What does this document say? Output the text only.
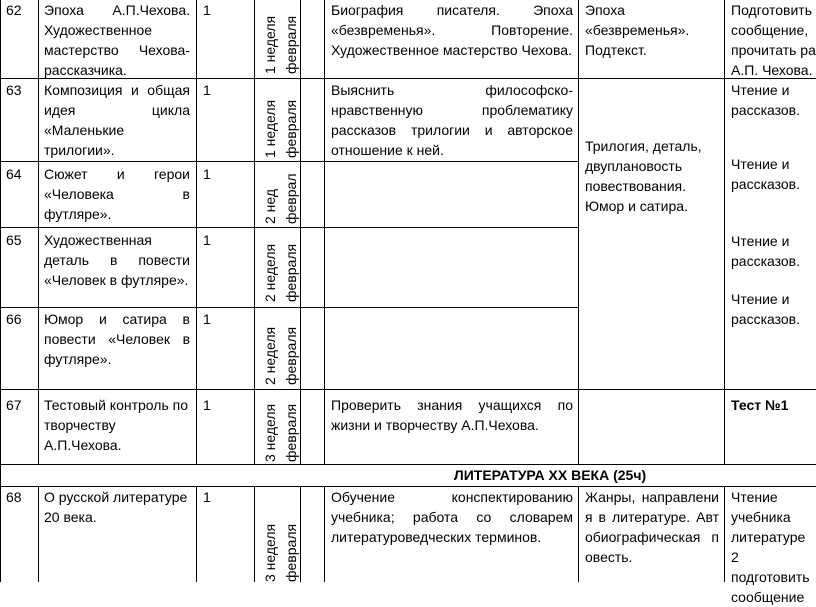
62 Эпоха А.П.Чехова. Художественное мастерство Чехова-рассказчика.
1
1 неделя февраля
Биография писателя. Эпоха «безвременья». Повторение. Художественное мастерство Чехова.
Эпоха «безвременья». Подтекст.
Подготовить сообщение, прочитать ра А.П. Чехова.
63 Композиция и общая идея цикла «Маленькие трилогии».
1
1 неделя февраля
Выяснить философско-нравственную проблематику рассказов трилогии и авторское отношение к ней.
Чтение и рассказов.
Трилогия, деталь, двуплановость повествования. Юмор и сатира.
64 Сюжет и герои «Человека в футляре».
1
2 нед феврал
Чтение и рассказов.
65 Художественная деталь в повести «Человек в футляре».
1
2 неделя февраля
Чтение и рассказов.
66 Юмор и сатира в повести «Человек в футляре».
1
2 неделя февраля
Чтение и рассказов.
67 Тестовый контроль по творчеству А.П.Чехова.
1	3 неделя февраля Проверить знания учащихся по жизни и творчеству А.П.Чехова.
Тест №1
ЛИТЕРАТУРА ХХ ВЕКА (25ч)
68 О русской литературе 20 века.
1
3 неделя февраля
Обучение конспектированию учебника; работа со словарем литературоведческих терминов.
Жанры, направления в литературе. Автобиографическая повесть.
Чтение учебника литературе 2 подготовить сообщение
